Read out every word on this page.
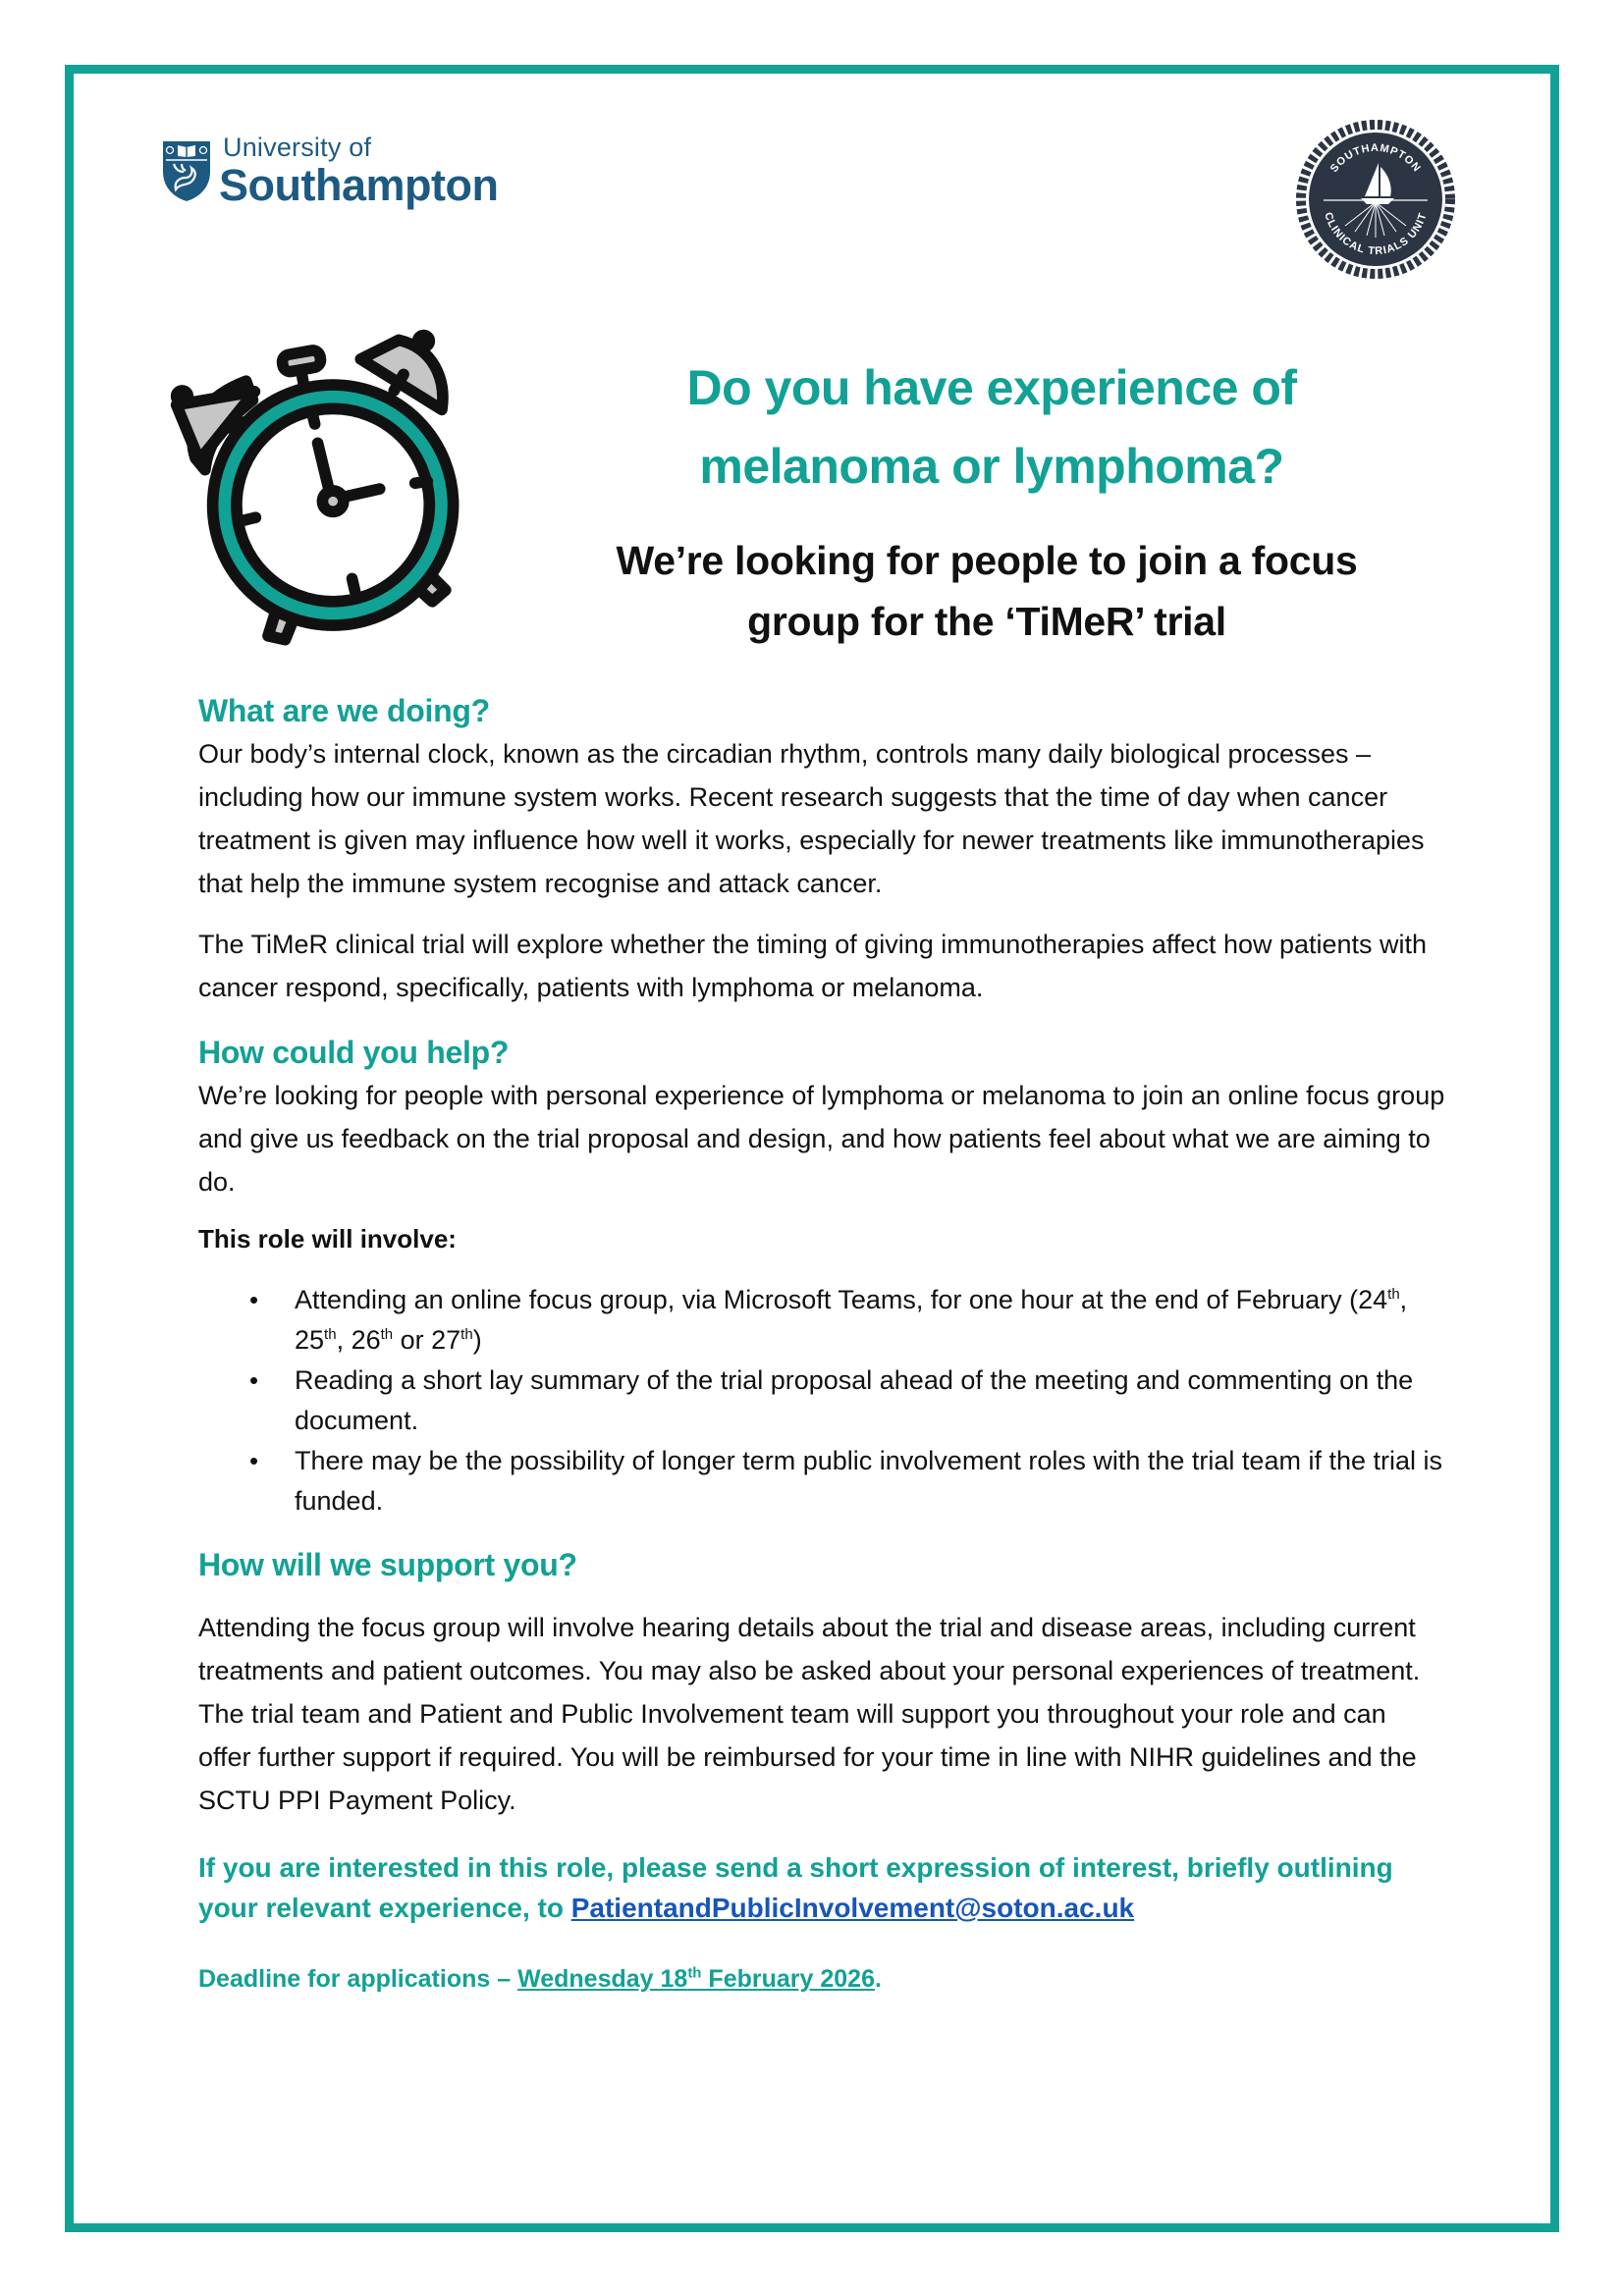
University of
Southampton	SOUTHAMPTON
CLINICAL TRIALS UNIT
Do you have experience of
melanoma or lymphoma?
We’re looking for people to join a focus
group for the ‘TiMeR’ trial
What are we doing?

Our body’s internal clock, known as the circadian rhythm, controls many daily biological processes – including how our immune system works. Recent research suggests that the time of day when cancer treatment is given may influence how well it works, especially for newer treatments like immunotherapies that help the immune system recognise and attack cancer.

The TiMeR clinical trial will explore whether the timing of giving immunotherapies affect how patients with cancer respond, specifically, patients with lymphoma or melanoma.

How could you help?

We’re looking for people with personal experience of lymphoma or melanoma to join an online focus group and give us feedback on the trial proposal and design, and how patients feel about what we are aiming to do.

This role will involve:

• Attending an online focus group, via Microsoft Teams, for one hour at the end of February (24th, 25th, 26th or 27th)
• Reading a short lay summary of the trial proposal ahead of the meeting and commenting on the document.
• There may be the possibility of longer term public involvement roles with the trial team if the trial is funded.
How will we support you?

Attending the focus group will involve hearing details about the trial and disease areas, including current treatments and patient outcomes. You may also be asked about your personal experiences of treatment. The trial team and Patient and Public Involvement team will support you throughout your role and can offer further support if required. You will be reimbursed for your time in line with NIHR guidelines and the SCTU PPI Payment Policy.

If you are interested in this role, please send a short expression of interest, briefly outlining your relevant experience, to PatientandPublicInvolvement@soton.ac.uk
Deadline for applications – Wednesday 18th February 2026.
